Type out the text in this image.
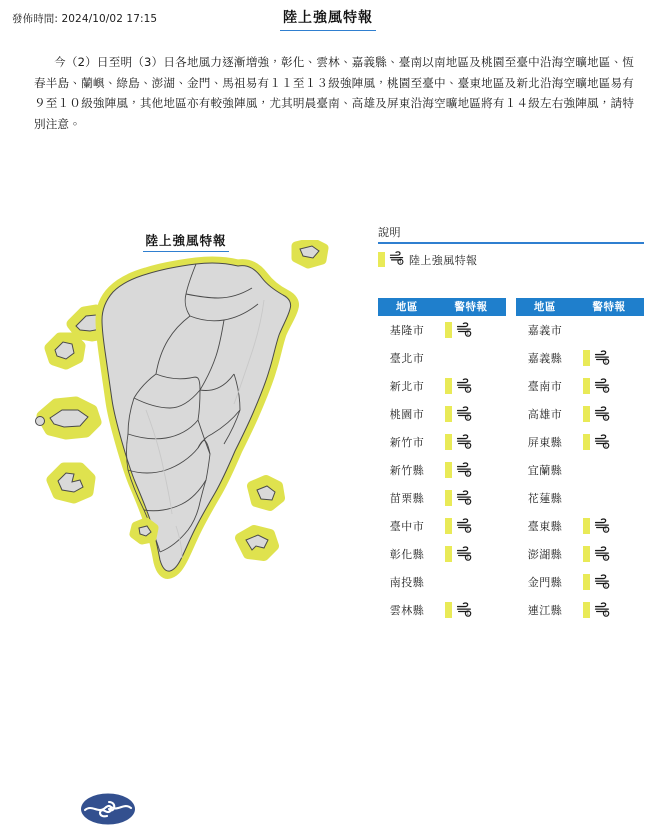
發佈時間: 2024/10/02 17:15	陸上強風特報
今（2）日至明（3）日各地風力逐漸增強，彰化、雲林、嘉義縣、臺南以南地區及桃園至臺中沿海空曠地區、恆春半島、蘭嶼、綠島、澎湖、金門、馬祖易有１１至１３級強陣風，桃園至臺中、臺東地區及新北沿海空曠地區易有９至１０級強陣風，其他地區亦有較強陣風，尤其明晨臺南、高雄及屏東沿海空曠地區將有１４級左右強陣風，請特別注意。
陸上強風特報
說明
1 陸上強風特報
地區	警特報
基隆市	1

臺北市	

新北市	1

桃園市	1

新竹市	1

新竹縣	1

苗栗縣	1

臺中市	1

彰化縣	1

南投縣	

雲林縣	1
地區	警特報
嘉義市	

嘉義縣	1

臺南市	1

高雄市	1

屏東縣	1

宜蘭縣	

花蓮縣	

臺東縣	1

澎湖縣	1

金門縣	1

連江縣	1
